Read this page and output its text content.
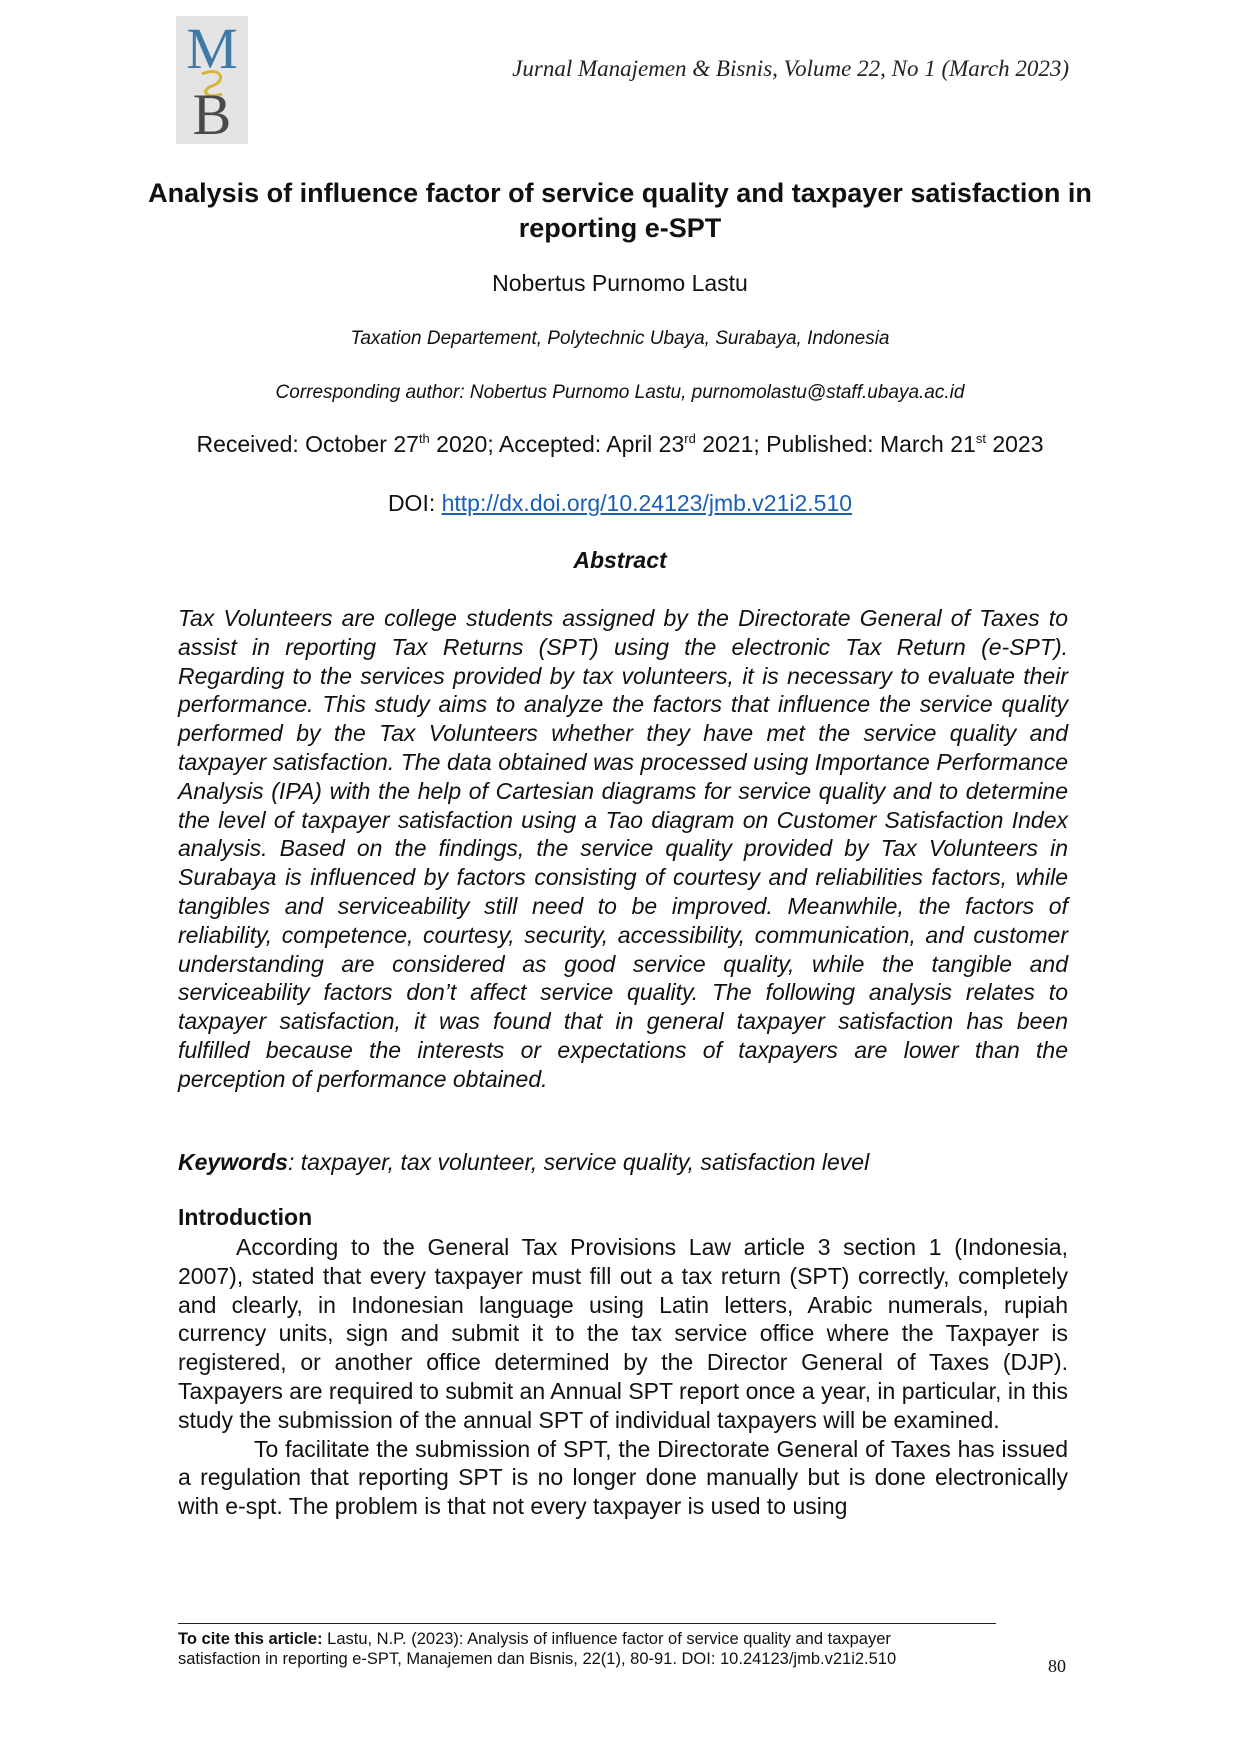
M
B
Jurnal Manajemen & Bisnis, Volume 22, No 1 (March 2023)
Analysis of influence factor of service quality and taxpayer satisfaction in reporting e-SPT
Nobertus Purnomo Lastu
Taxation Departement, Polytechnic Ubaya, Surabaya, Indonesia
Corresponding author: Nobertus Purnomo Lastu, purnomolastu@staff.ubaya.ac.id
Received: October 27th 2020; Accepted: April 23rd 2021; Published: March 21st 2023
DOI: http://dx.doi.org/10.24123/jmb.v21i2.510
Abstract

Tax Volunteers are college students assigned by the Directorate General of Taxes to assist in reporting Tax Returns (SPT) using the electronic Tax Return (e-SPT). Regarding to the services provided by tax volunteers, it is necessary to evaluate their performance. This study aims to analyze the factors that influence the service quality performed by the Tax Volunteers whether they have met the service quality and taxpayer satisfaction. The data obtained was processed using Importance Performance Analysis (IPA) with the help of Cartesian diagrams for service quality and to determine the level of taxpayer satisfaction using a Tao diagram on Customer Satisfaction Index analysis. Based on the findings, the service quality provided by Tax Volunteers in Surabaya is influenced by factors consisting of courtesy and reliabilities factors, while tangibles and serviceability still need to be improved. Meanwhile, the factors of reliability, competence, courtesy, security, accessibility, communication, and customer understanding are considered as good service quality, while the tangible and serviceability factors don’t affect service quality. The following analysis relates to taxpayer satisfaction, it was found that in general taxpayer satisfaction has been fulfilled because the interests or expectations of taxpayers are lower than the perception of performance obtained.

Keywords: taxpayer, tax volunteer, service quality, satisfaction level
Introduction

According to the General Tax Provisions Law article 3 section 1 (Indonesia, 2007), stated that every taxpayer must fill out a tax return (SPT) correctly, completely and clearly, in Indonesian language using Latin letters, Arabic numerals, rupiah currency units, sign and submit it to the tax service office where the Taxpayer is registered, or another office determined by the Director General of Taxes (DJP). Taxpayers are required to submit an Annual SPT report once a year, in particular, in this study the submission of the annual SPT of individual taxpayers will be examined.

To facilitate the submission of SPT, the Directorate General of Taxes has issued a regulation that reporting SPT is no longer done manually but is done electronically with e-spt. The problem is that not every taxpayer is used to using

To cite this article: Lastu, N.P. (2023): Analysis of influence factor of service quality and taxpayer satisfaction in reporting e-SPT, Manajemen dan Bisnis, 22(1), 80-91. DOI: 10.24123/jmb.v21i2.510	80
